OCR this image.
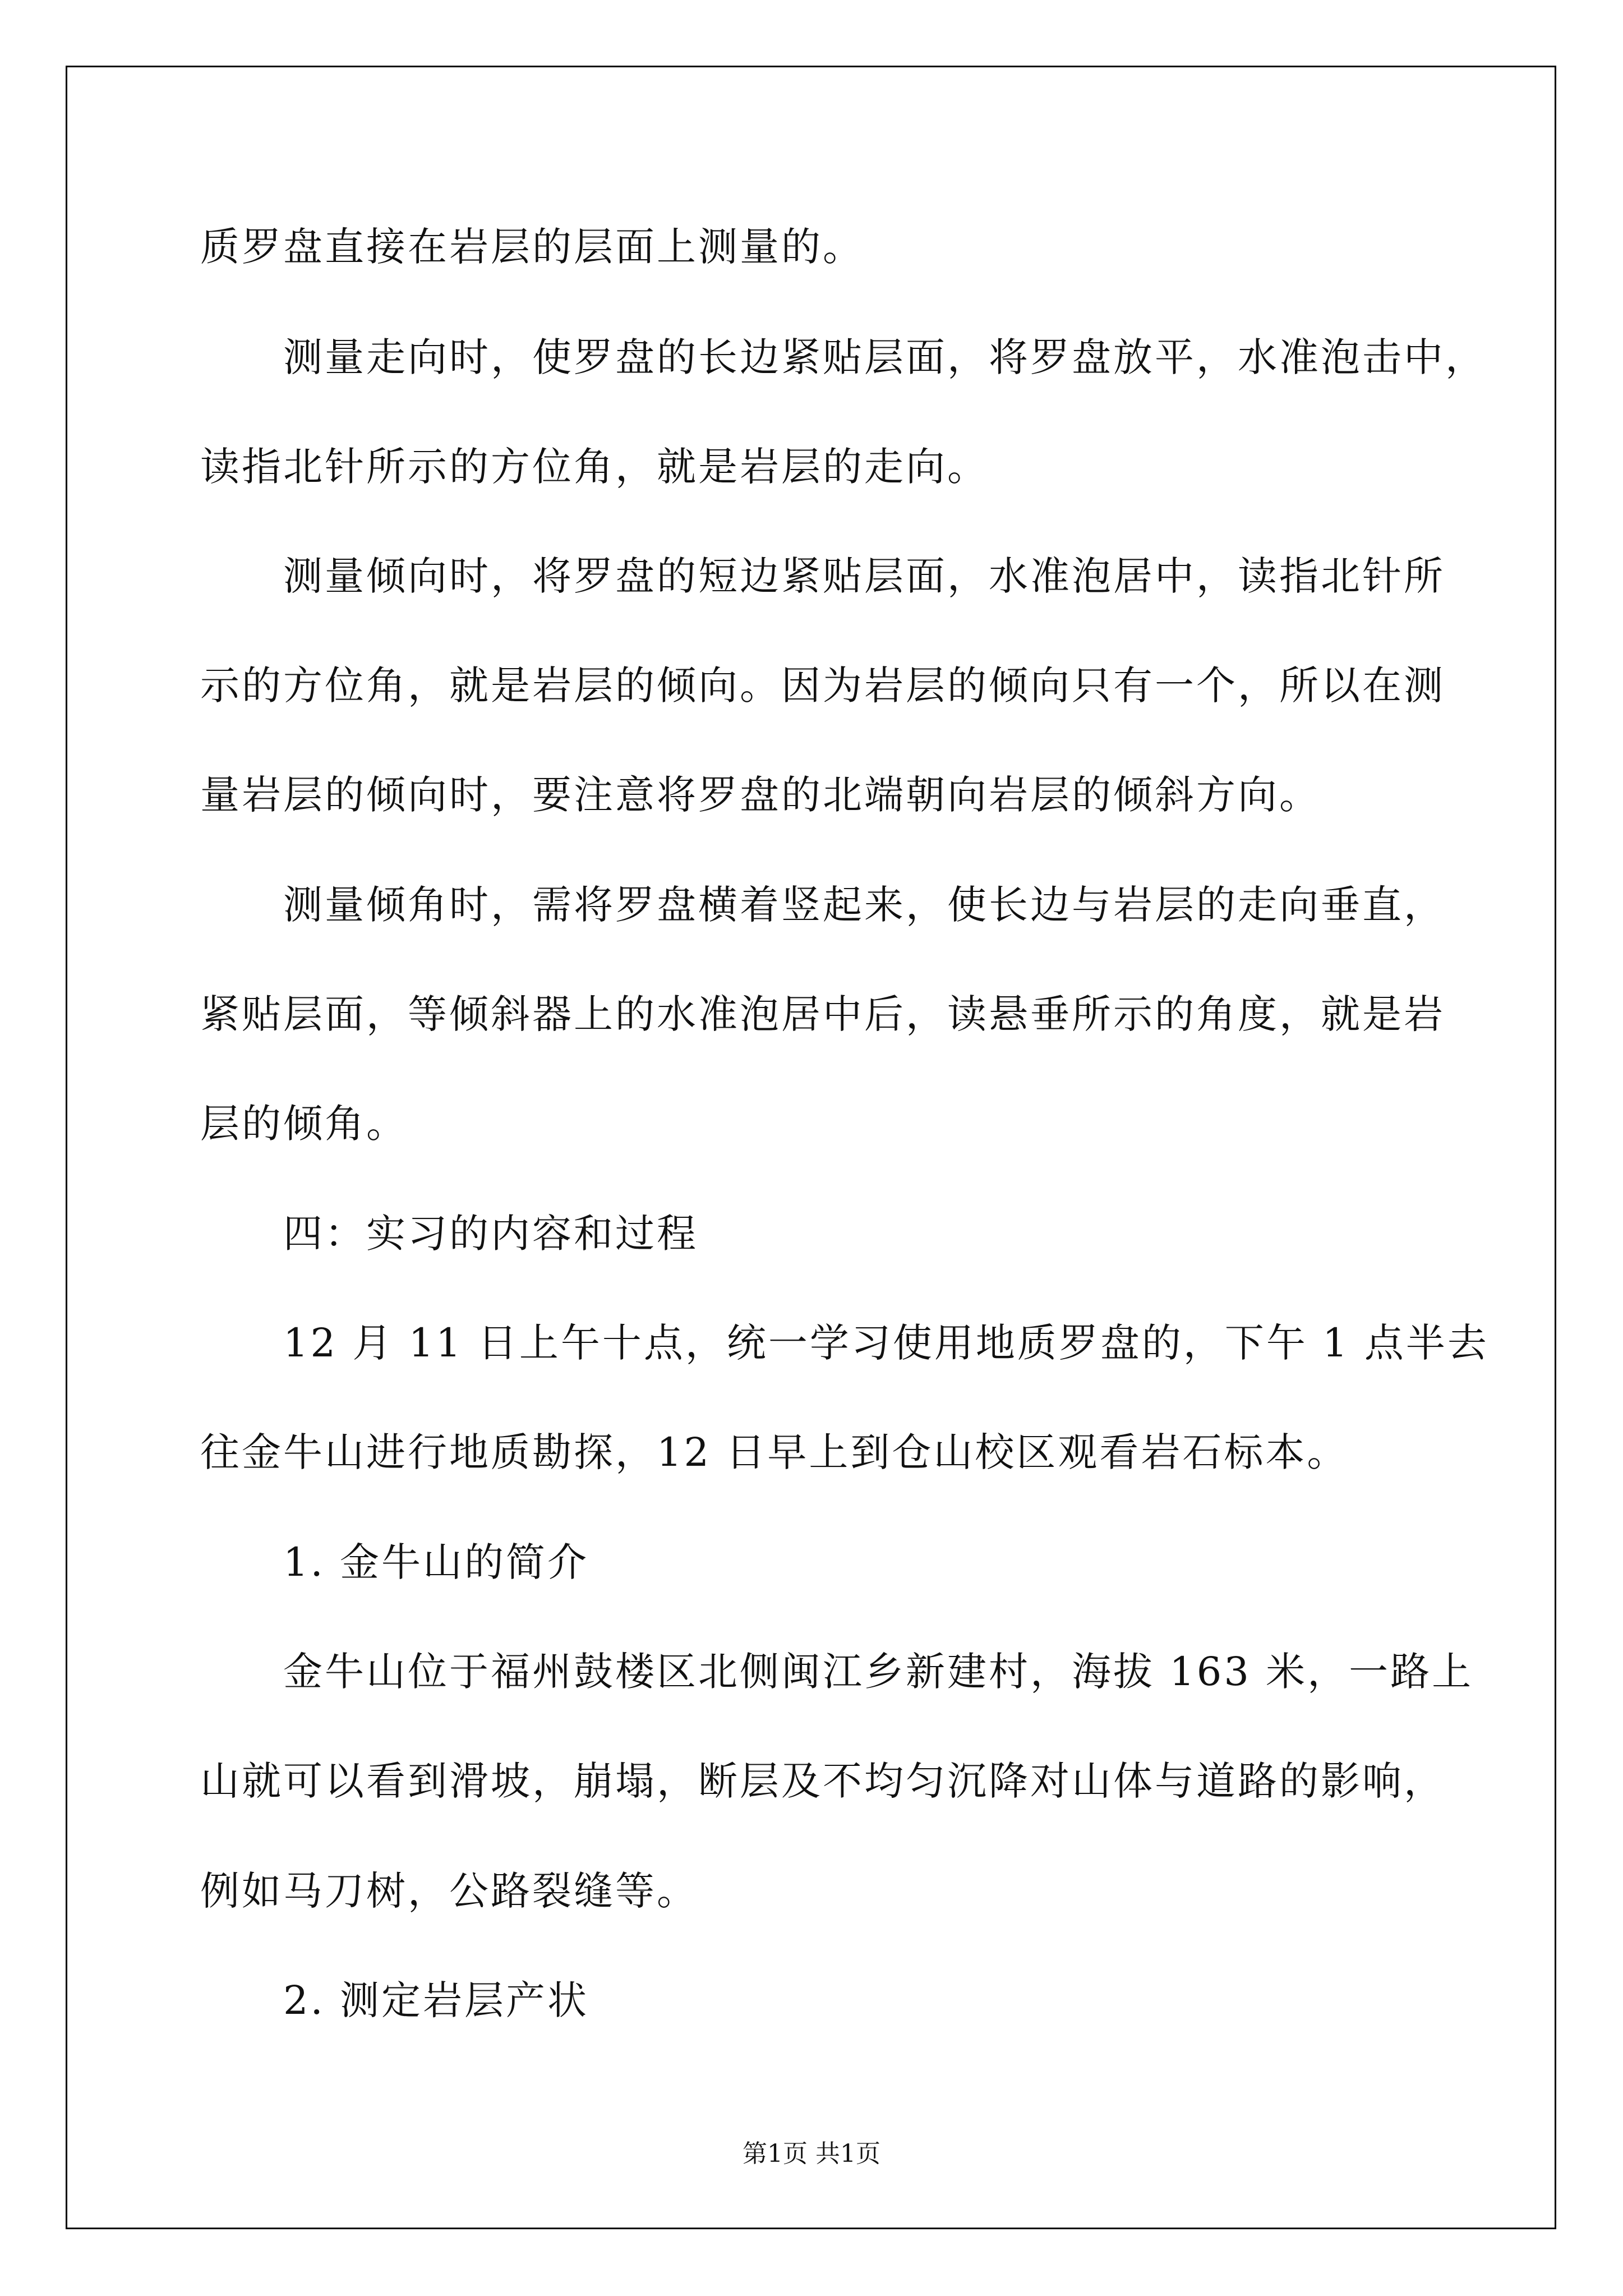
质罗盘直接在岩层的层面上测量的。
测量走向时，使罗盘的长边紧贴层面，将罗盘放平，水准泡击中，
读指北针所示的方位角，就是岩层的走向。
测量倾向时，将罗盘的短边紧贴层面，水准泡居中，读指北针所
示的方位角，就是岩层的倾向。因为岩层的倾向只有一个，所以在测
量岩层的倾向时，要注意将罗盘的北端朝向岩层的倾斜方向。
测量倾角时，需将罗盘横着竖起来，使长边与岩层的走向垂直，
紧贴层面，等倾斜器上的水准泡居中后，读悬垂所示的角度，就是岩
层的倾角。
四：实习的内容和过程
12 月 11 日上午十点，统一学习使用地质罗盘的，下午 1 点半去
往金牛山进行地质勘探，12 日早上到仓山校区观看岩石标本。
1. 金牛山的简介
金牛山位于福州鼓楼区北侧闽江乡新建村，海拔 163 米，一路上
山就可以看到滑坡，崩塌，断层及不均匀沉降对山体与道路的影响，
例如马刀树，公路裂缝等。
2. 测定岩层产状
第1页 共1页
